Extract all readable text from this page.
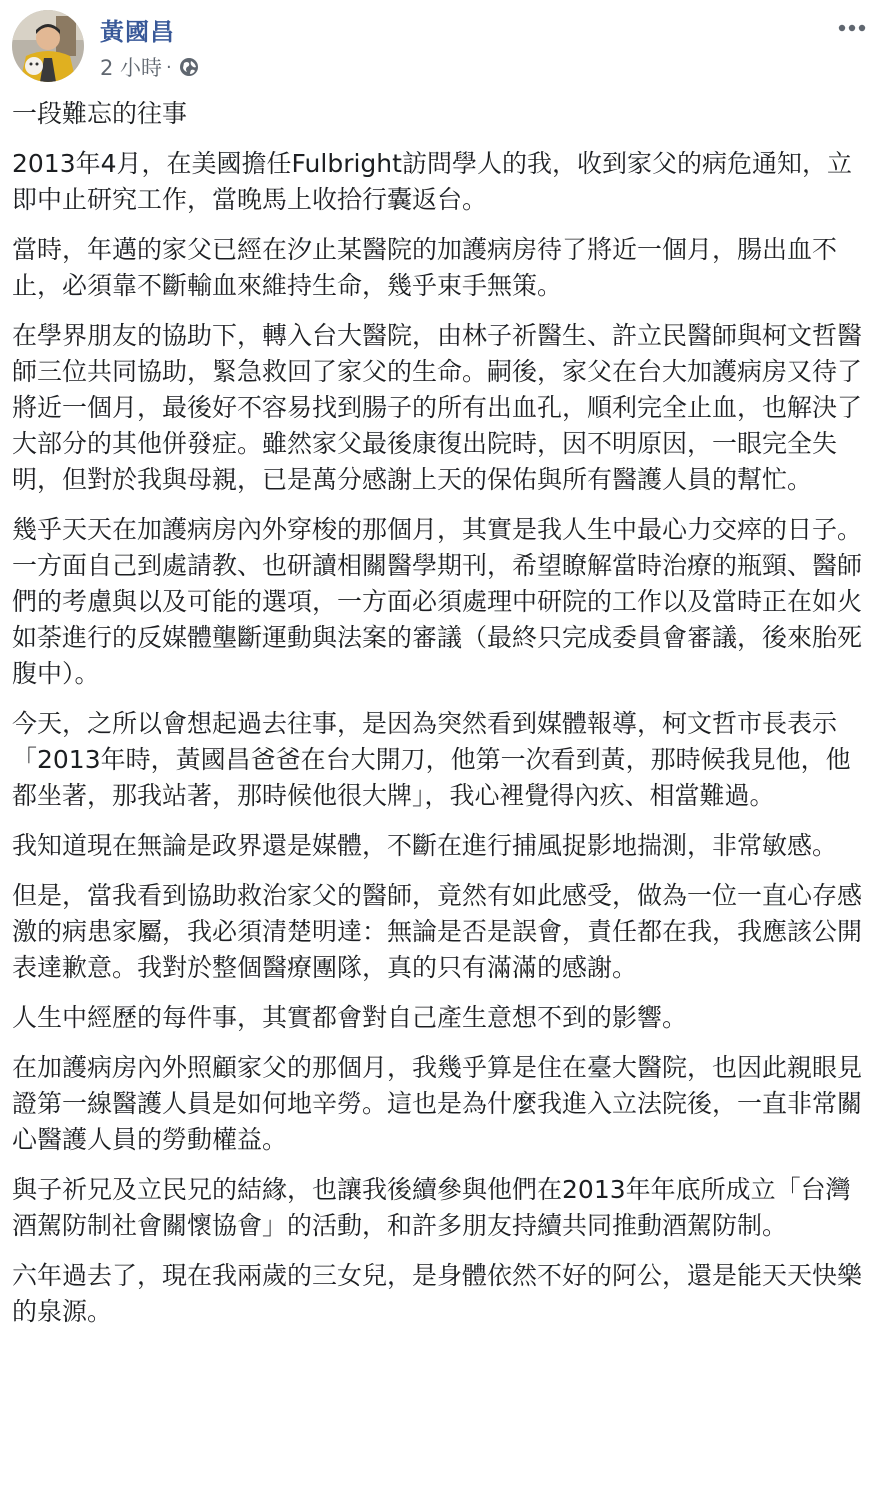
黃國昌
2 小時 ·

一段難忘的往事

2013年4月，在美國擔任Fulbright訪問學人的我，收到家父的病危通知，立即中止研究工作，當晚馬上收拾行囊返台。

當時，年邁的家父已經在汐止某醫院的加護病房待了將近一個月，腸出血不止，必須靠不斷輸血來維持生命，幾乎束手無策。

在學界朋友的協助下，轉入台大醫院，由林子祈醫生、許立民醫師與柯文哲醫師三位共同協助，緊急救回了家父的生命。嗣後，家父在台大加護病房又待了將近一個月，最後好不容易找到腸子的所有出血孔，順利完全止血，也解決了大部分的其他併發症。雖然家父最後康復出院時，因不明原因，一眼完全失明，但對於我與母親，已是萬分感謝上天的保佑與所有醫護人員的幫忙。

幾乎天天在加護病房內外穿梭的那個月，其實是我人生中最心力交瘁的日子。一方面自己到處請教、也研讀相關醫學期刊，希望瞭解當時治療的瓶頸、醫師們的考慮與以及可能的選項，一方面必須處理中研院的工作以及當時正在如火如荼進行的反媒體壟斷運動與法案的審議（最終只完成委員會審議，後來胎死腹中）。

今天，之所以會想起過去往事，是因為突然看到媒體報導，柯文哲市長表示「2013年時，黃國昌爸爸在台大開刀，他第一次看到黃，那時候我見他，他都坐著，那我站著，那時候他很大牌」，我心裡覺得內疚、相當難過。

我知道現在無論是政界還是媒體，不斷在進行捕風捉影地揣測，非常敏感。

但是，當我看到協助救治家父的醫師，竟然有如此感受，做為一位一直心存感激的病患家屬，我必須清楚明達：無論是否是誤會，責任都在我，我應該公開表達歉意。我對於整個醫療團隊，真的只有滿滿的感謝。

人生中經歷的每件事，其實都會對自己產生意想不到的影響。

在加護病房內外照顧家父的那個月，我幾乎算是住在臺大醫院，也因此親眼見證第一線醫護人員是如何地辛勞。這也是為什麼我進入立法院後，一直非常關心醫護人員的勞動權益。

與子祈兄及立民兄的結緣，也讓我後續參與他們在2013年年底所成立「台灣酒駕防制社會關懷協會」的活動，和許多朋友持續共同推動酒駕防制。

六年過去了，現在我兩歲的三女兒，是身體依然不好的阿公，還是能天天快樂的泉源。
